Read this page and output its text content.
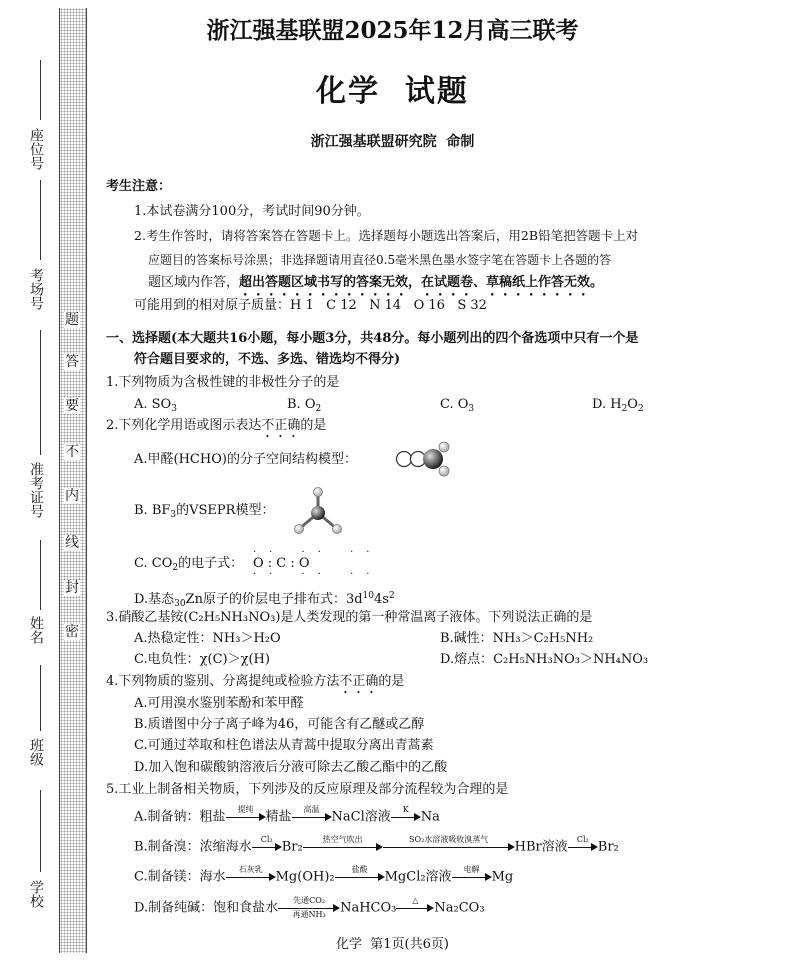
题
答
要
不
内
线
封
密
座位号
考场号
准考证号
姓名
班级
学校
浙江强基联盟2025年12月高三联考
化学  试题
浙江强基联盟研究院  命制
考生注意：
1.本试卷满分100分，考试时间90分钟。
2.考生作答时，请将答案答在答题卡上。选择题每小题选出答案后，用2B铅笔把答题卡上对
应题目的答案标号涂黑；非选择题请用直径0.5毫米黑色墨水签字笔在答题卡上各题的答
题区域内作答，超出答题区域书写的答案无效，在试题卷、草稿纸上作答无效。
可能用到的相对原子质量：H 1   C 12   N 14   O 16   S 32
一、选择题(本大题共16小题，每小题3分，共48分。每小题列出的四个备选项中只有一个是
符合题目要求的，不选、多选、错选均不得分)
1.下列物质为含极性键的非极性分子的是
A. $SO_3$	B. $O_2$	C. $O_3$	D. $H_2O_2$
2.下列化学用语或图示表达不正确的是
A.甲醛(HCHO)的分子空间结构模型：
B. $BF_3$的VSEPR模型：
C. $CO_2$的电子式：
·· ·· ··
O : C : O
·· ·· ··
D.基态$_{30}$Zn原子的价层电子排布式：$3d^{10}4s^2$
3.硝酸乙基铵(C₂H₅NH₃NO₃)是人类发现的第一种常温离子液体。下列说法正确的是
A.热稳定性：NH₃＞H₂O	B.碱性：NH₃＞C₂H₅NH₂
C.电负性：χ(C)＞χ(H)	D.熔点：C₂H₅NH₃NO₃＞NH₄NO₃
4.下列物质的鉴别、分离提纯或检验方法不正确的是
A.可用溴水鉴别苯酚和苯甲醛
B.质谱图中分子离子峰为46，可能含有乙醚或乙醇
C.可通过萃取和柱色谱法从青蒿中提取分离出青蒿素
D.加入饱和碳酸钠溶液后分液可除去乙酸乙酯中的乙酸
5.工业上制备相关物质，下列涉及的反应原理及部分流程较为合理的是
A.制备钠：粗盐	提纯 精盐	高温 NaCl溶液	K Na
B.制备溴：浓缩海水	Cl₂ Br₂	热空气吹出	SO₂水溶液吸收溴蒸气	HBr溶液	Cl₂ Br₂
C.制备镁：海水	石灰乳	Mg(OH)₂	盐酸	MgCl₂溶液	电解 Mg
D.制备纯碱：饱和食盐水	先通CO₂
再通NH₃	NaHCO₃	△	Na₂CO₃
化学  第1页(共6页)
